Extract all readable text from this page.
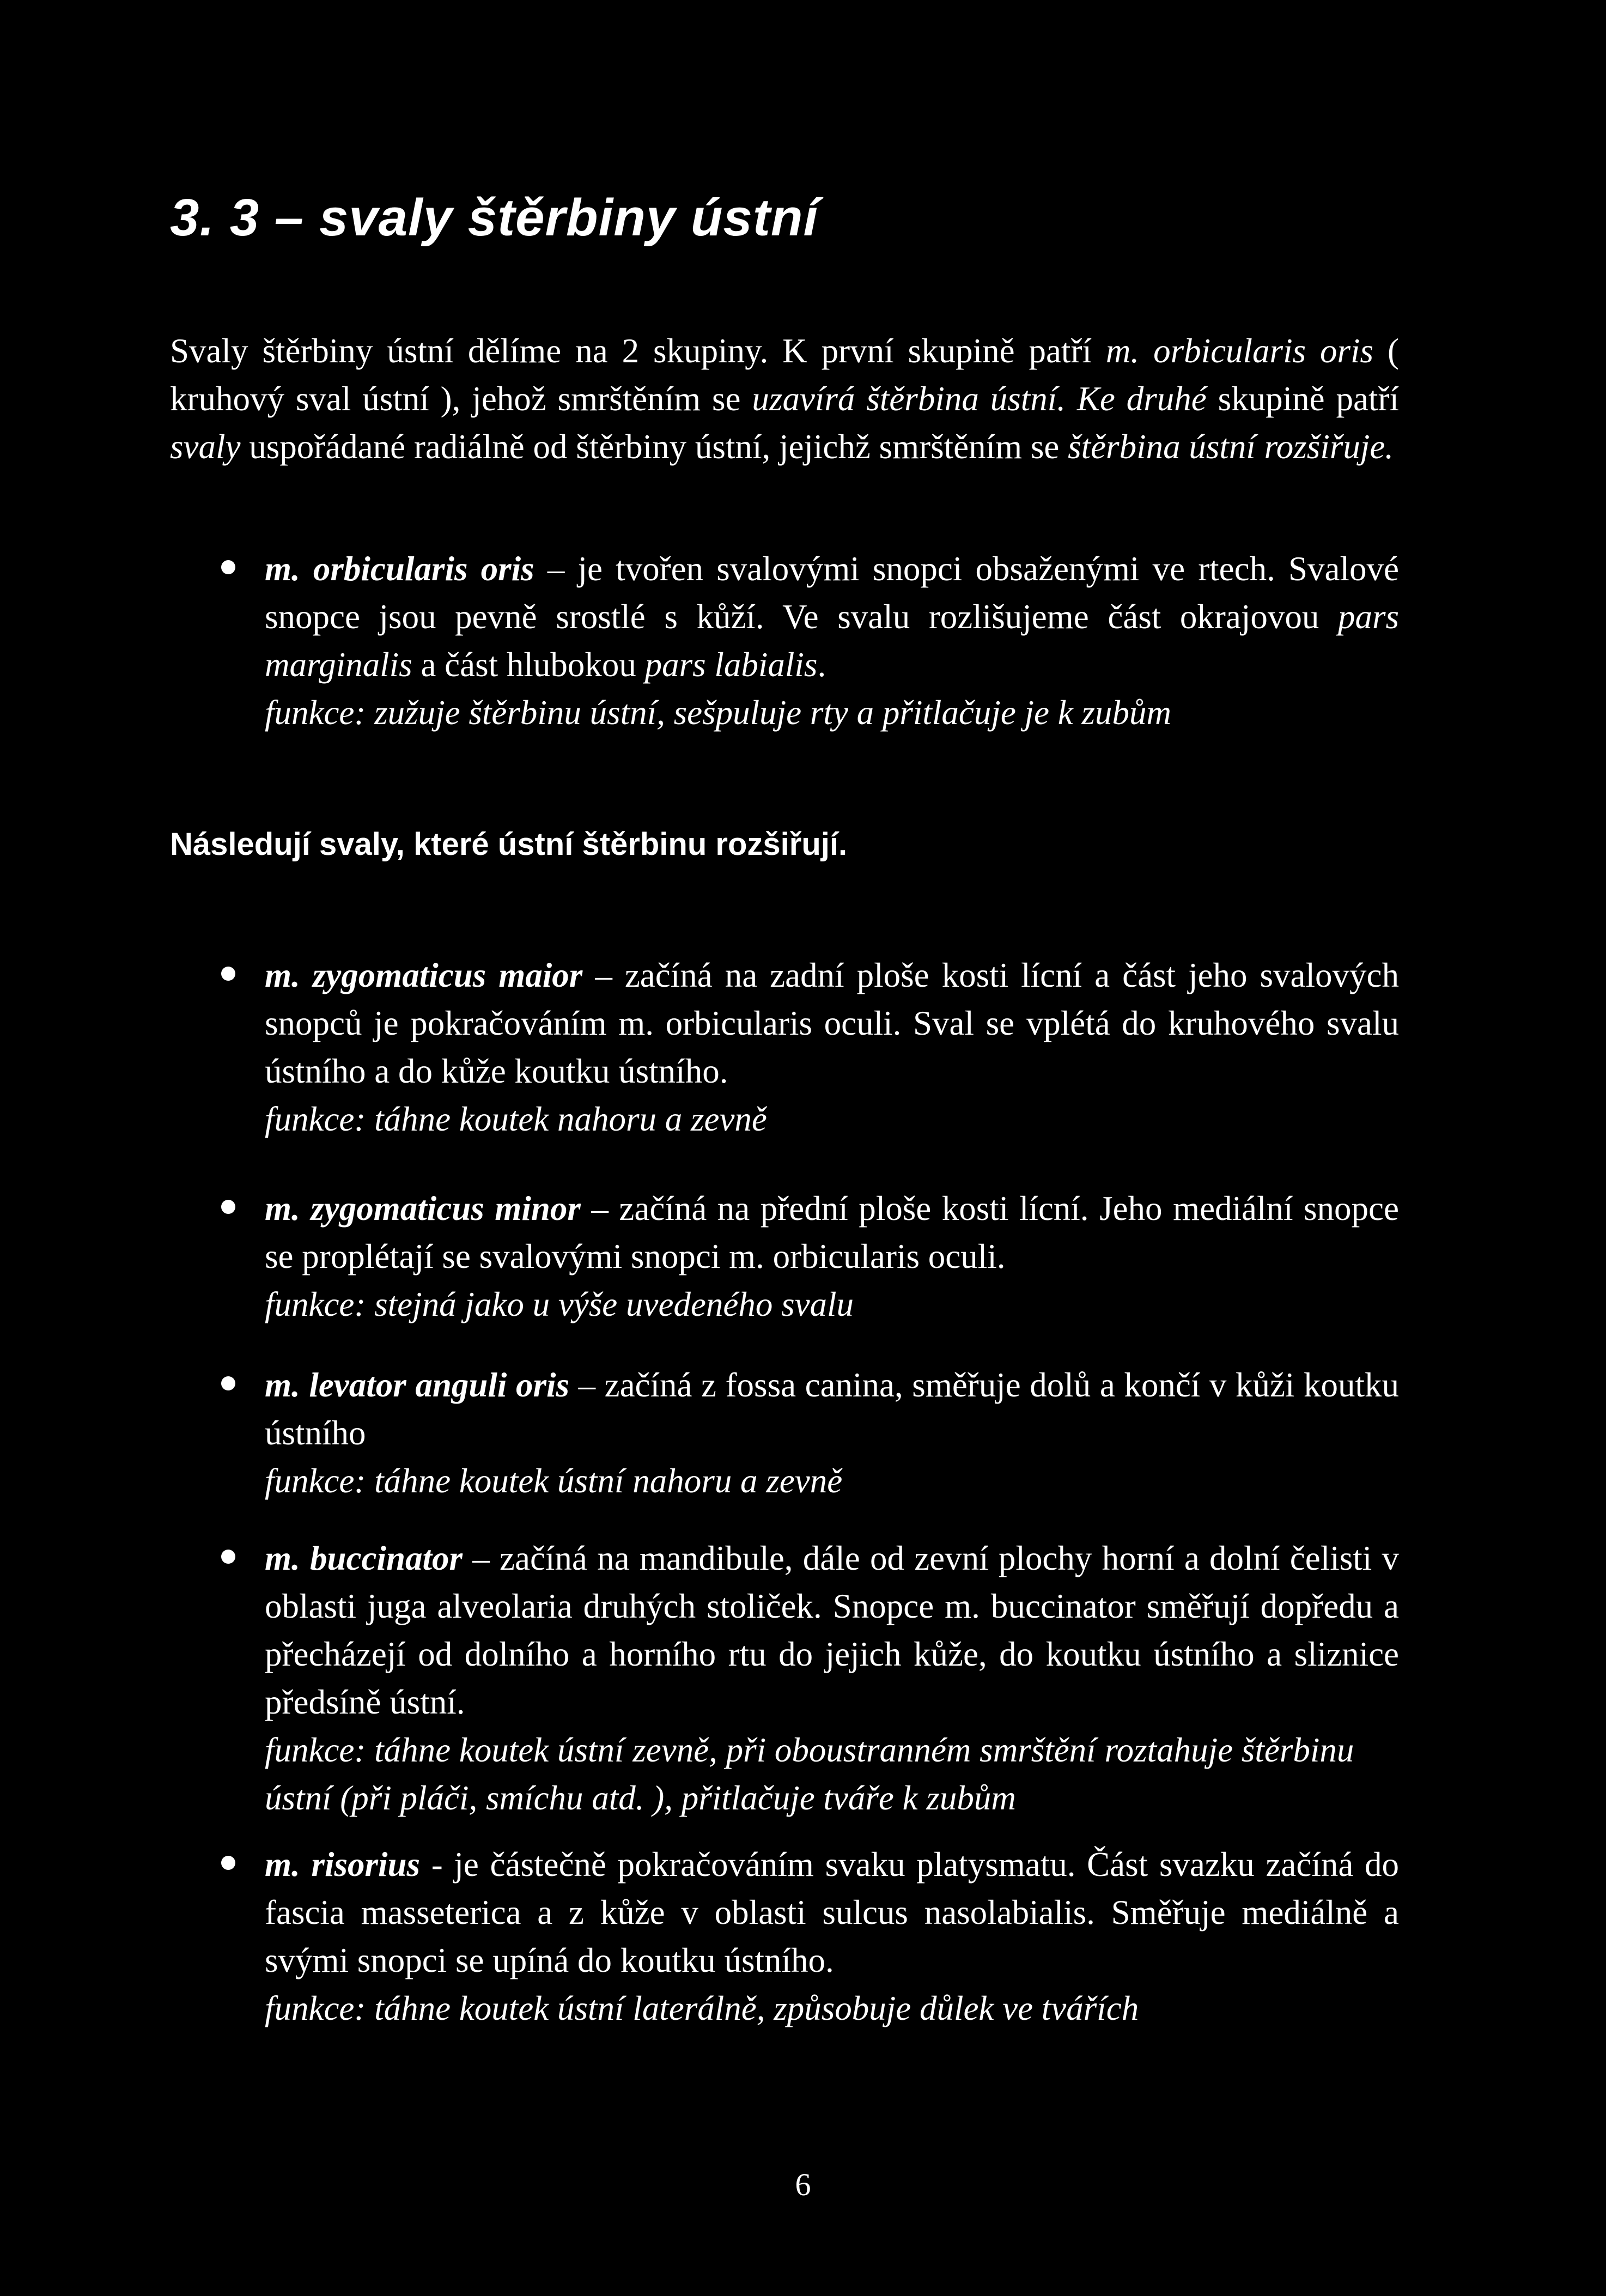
3. 3 – svaly štěrbiny ústní

Svaly štěrbiny ústní dělíme na 2 skupiny. K první skupině patří m. orbicularis oris ( kruhový sval ústní ), jehož smrštěním se uzavírá štěrbina ústní. Ke druhé skupině patří svaly uspořádané radiálně od štěrbiny ústní, jejichž smrštěním se štěrbina ústní rozšiřuje.

m. orbicularis oris – je tvořen svalovými snopci obsaženými ve rtech. Svalové snopce jsou pevně srostlé s kůží. Ve svalu rozlišujeme část okrajovou pars marginalis a část hlubokou pars labialis.

funkce: zužuje štěrbinu ústní, sešpuluje rty a přitlačuje je k zubům

Následují svaly, které ústní štěrbinu rozšiřují.

m. zygomaticus maior – začíná na zadní ploše kosti lícní a část jeho svalových snopců je pokračováním m. orbicularis oculi. Sval se vplétá do kruhového svalu ústního a do kůže koutku ústního.

funkce: táhne koutek nahoru a zevně

m. zygomaticus minor – začíná na přední ploše kosti lícní. Jeho mediální snopce se proplétají se svalovými snopci m. orbicularis oculi.

funkce: stejná jako u výše uvedeného svalu

m. levator anguli oris – začíná z fossa canina, směřuje dolů a končí v kůži koutku ústního

funkce: táhne koutek ústní nahoru a zevně

m. buccinator – začíná na mandibule, dále od zevní plochy horní a dolní čelisti v oblasti juga alveolaria druhých stoliček. Snopce m. buccinator směřují dopředu a přecházejí od dolního a horního rtu do jejich kůže, do koutku ústního a sliznice předsíně ústní.

funkce: táhne koutek ústní zevně, při oboustranném smrštění roztahuje štěrbinu ústní (při pláči, smíchu atd. ), přitlačuje tváře k zubům

m. risorius - je částečně pokračováním svaku platysmatu. Část svazku začíná do fascia masseterica a z kůže v oblasti sulcus nasolabialis. Směřuje mediálně a svými snopci se upíná do koutku ústního.

funkce: táhne koutek ústní laterálně, způsobuje důlek ve tvářích

6
